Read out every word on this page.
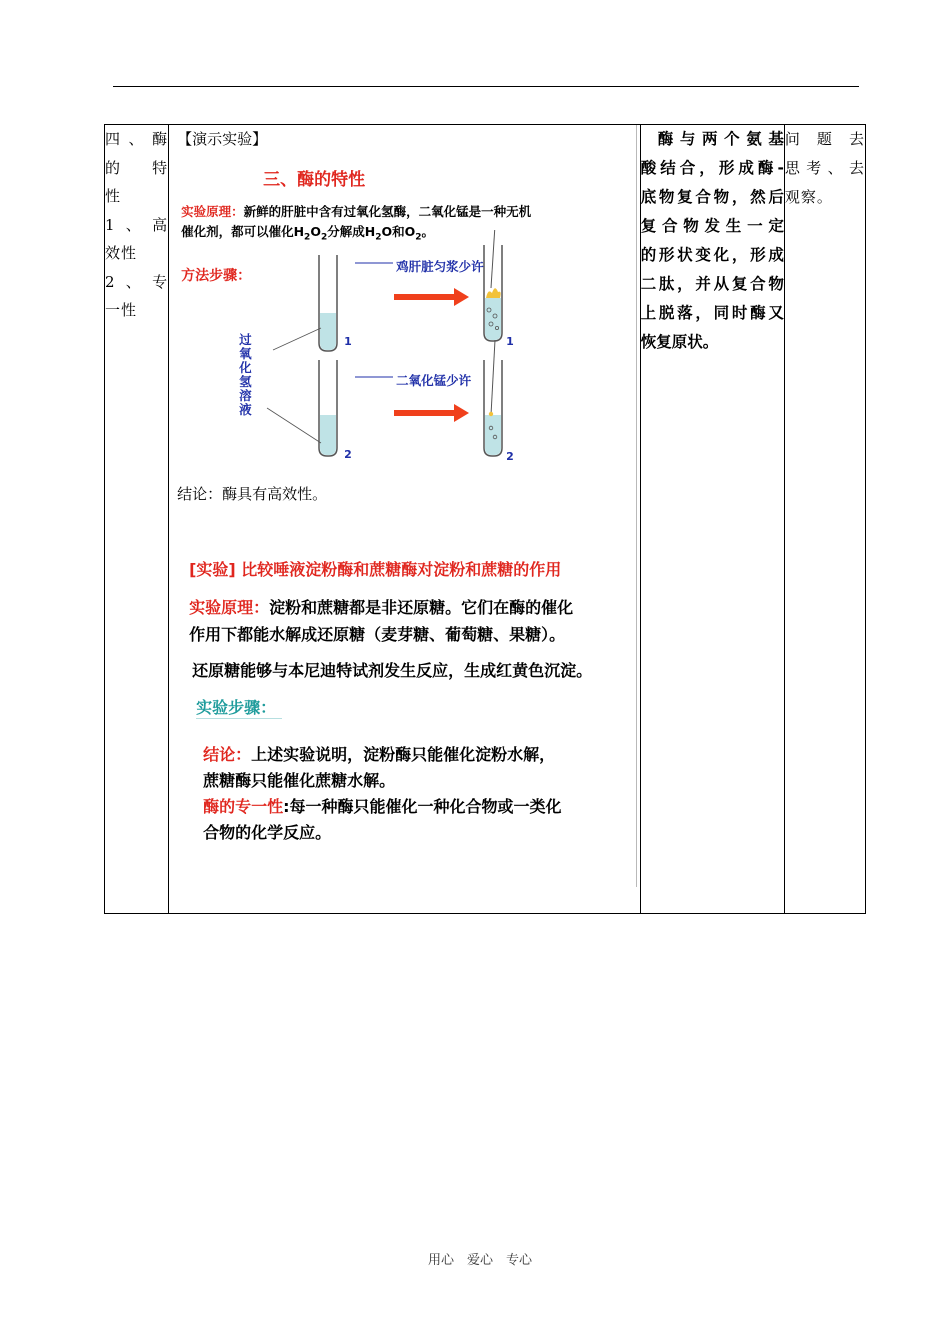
四、酶
的 特
性
1、高
效性
2、专
一性

【演示实验】
三、酶的特性
实验原理：新鲜的肝脏中含有过氧化氢酶，二氧化锰是一种无机
催化剂，都可以催化$H_2O_2$分解成$H_2O$和$O_2$。
方法步骤：
鸡肝脏匀浆少许
二氧化锰少许
过氧化氢溶液
1	1
2	2
结论：酶具有高效性。
[实验] 比较唾液淀粉酶和蔗糖酶对淀粉和蔗糖的作用
实验原理：淀粉和蔗糖都是非还原糖。它们在酶的催化
作用下都能水解成还原糖（麦芽糖、葡萄糖、果糖）。
还原糖能够与本尼迪特试剂发生反应，生成红黄色沉淀。
实验步骤：
结论：上述实验说明，淀粉酶只能催化淀粉水解，
蔗糖酶只能催化蔗糖水解。
酶的专一性:每一种酶只能催化一种化合物或一类化
合物的化学反应。

酶与两个氨基
酸结合，形成酶-
底物复合物，然后
复合物发生一定
的形状变化，形成
二肽，并从复合物
上脱落，同时酶又
恢复原状。

问 题 去
思考、去
观察。
用心　爱心　专心
